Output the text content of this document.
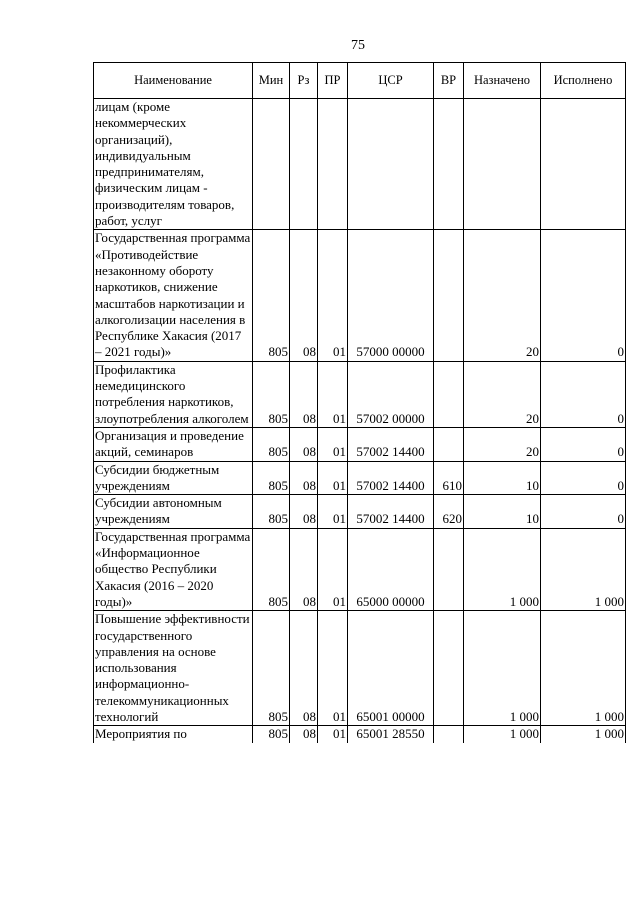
75
Наименование	Мин	Рз	ПР	ЦСР	ВР	Назначено	Исполнено
лицам (кроме некоммерческих организаций), индивидуальным предпринимателям, физическим лицам - производителям товаров, работ, услуг							
Государственная программа «Противодействие незаконному обороту наркотиков, снижение масштабов наркотизации и алкоголизации населения в Республике Хакасия (2017 – 2021 годы)»	805	08	01	57000 00000		20	0
Профилактика немедицинского потребления наркотиков, злоупотребления алкоголем	805	08	01	57002 00000		20	0
Организация и проведение акций, семинаров	805	08	01	57002 14400		20	0
Субсидии бюджетным учреждениям	805	08	01	57002 14400	610	10	0
Субсидии автономным учреждениям	805	08	01	57002 14400	620	10	0
Государственная программа «Информационное общество Республики Хакасия (2016 – 2020 годы)»	805	08	01	65000 00000		1 000	1 000
Повышение эффективности государственного управления на основе использования информационно-телекоммуникационных технологий	805	08	01	65001 00000		1 000	1 000
Мероприятия по	805	08	01	65001 28550		1 000	1 000
